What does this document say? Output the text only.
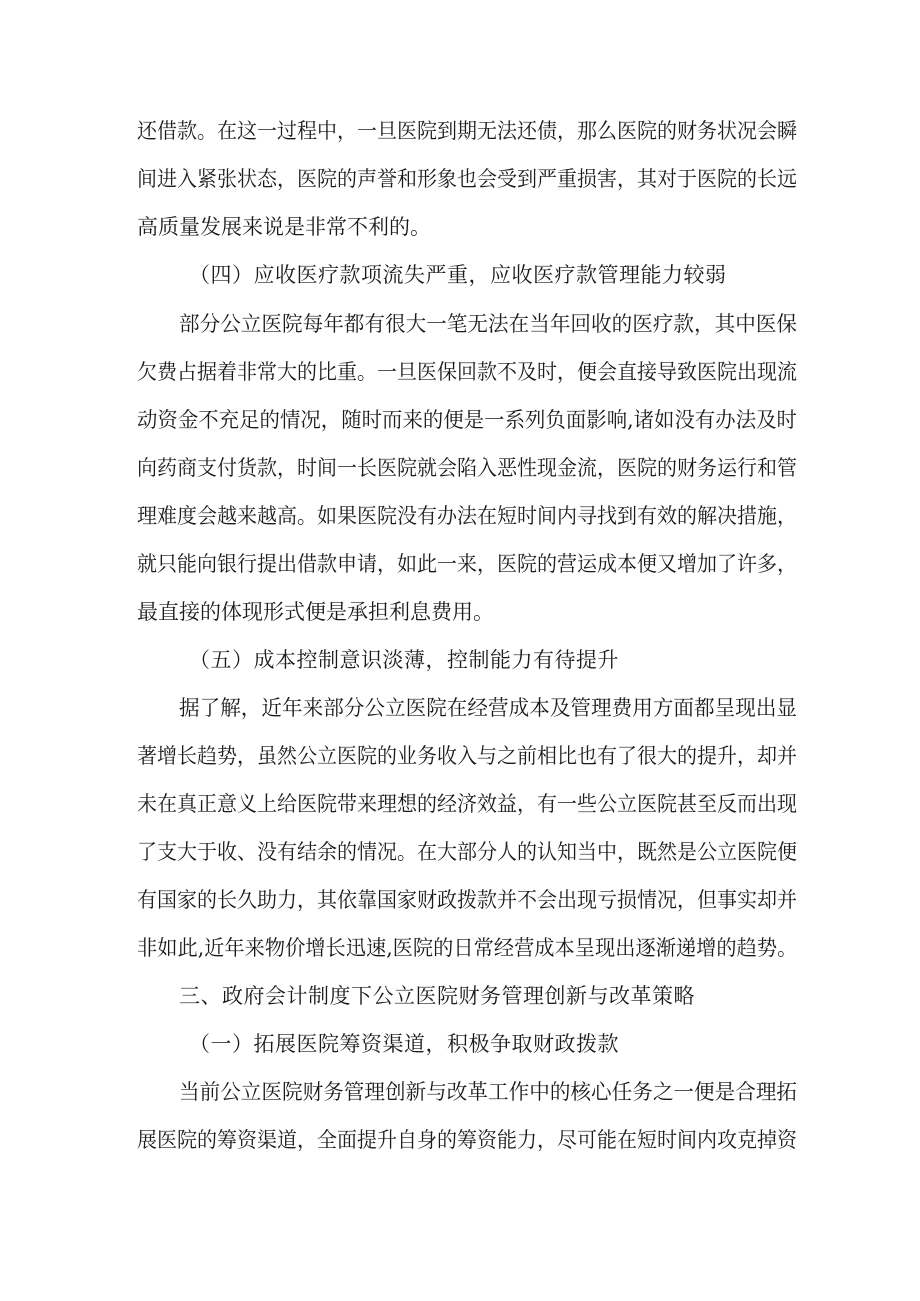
还借款。在这一过程中，一旦医院到期无法还债，那么医院的财务状况会瞬
间进入紧张状态，医院的声誉和形象也会受到严重损害，其对于医院的长远
高质量发展来说是非常不利的。
（四）应收医疗款项流失严重，应收医疗款管理能力较弱
部分公立医院每年都有很大一笔无法在当年回收的医疗款，其中医保
欠费占据着非常大的比重。一旦医保回款不及时，便会直接导致医院出现流
动资金不充足的情况，随时而来的便是一系列负面影响,诸如没有办法及时
向药商支付货款，时间一长医院就会陷入恶性现金流，医院的财务运行和管
理难度会越来越高。如果医院没有办法在短时间内寻找到有效的解决措施，
就只能向银行提出借款申请，如此一来，医院的营运成本便又增加了许多，
最直接的体现形式便是承担利息费用。
（五）成本控制意识淡薄，控制能力有待提升
据了解，近年来部分公立医院在经营成本及管理费用方面都呈现出显
著增长趋势，虽然公立医院的业务收入与之前相比也有了很大的提升，却并
未在真正意义上给医院带来理想的经济效益，有一些公立医院甚至反而出现
了支大于收、没有结余的情况。在大部分人的认知当中，既然是公立医院便
有国家的长久助力，其依靠国家财政拨款并不会出现亏损情况，但事实却并
非如此,近年来物价增长迅速,医院的日常经营成本呈现出逐渐递增的趋势。
三、政府会计制度下公立医院财务管理创新与改革策略
（一）拓展医院筹资渠道，积极争取财政拨款
当前公立医院财务管理创新与改革工作中的核心任务之一便是合理拓
展医院的筹资渠道，全面提升自身的筹资能力，尽可能在短时间内攻克掉资
